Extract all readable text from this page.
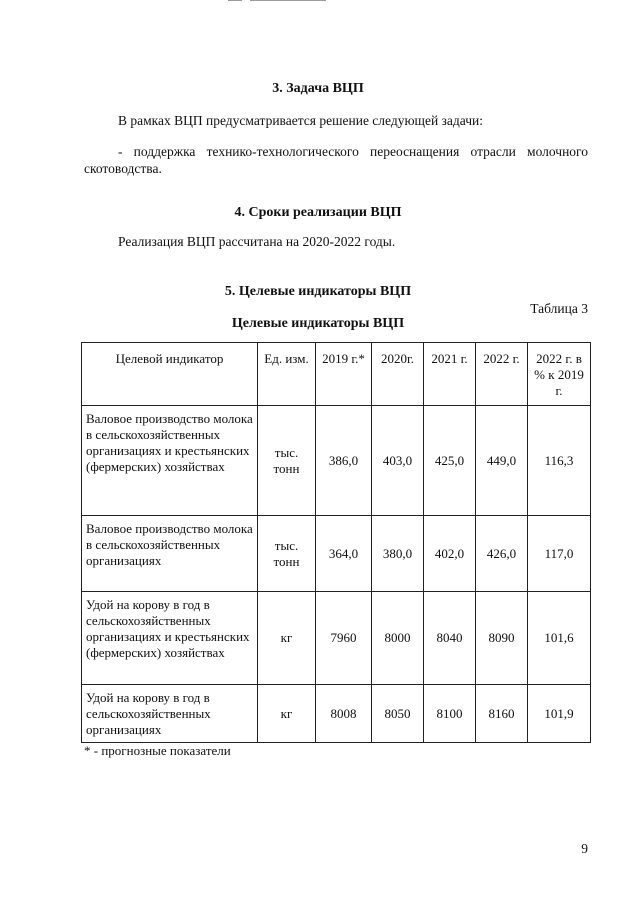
3. Задача ВЦП

В рамках ВЦП предусматривается решение следующей задачи:

- поддержка технико-технологического переоснащения отрасли молочного скотоводства.

4. Сроки реализации ВЦП

Реализация ВЦП рассчитана на 2020-2022 годы.

5. Целевые индикаторы ВЦП
Таблица 3
Целевые индикаторы ВЦП
Целевой индикатор	Ед. изм.	2019 г.*	2020г.	2021 г.	2022 г.	2022 г. в % к 2019 г.
Валовое производство молока в сельскохозяйственных организациях и крестьянских (фермерских) хозяйствах	тыс. тонн	386,0	403,0	425,0	449,0	116,3
Валовое производство молока в сельскохозяйственных организациях	тыс. тонн	364,0	380,0	402,0	426,0	117,0
Удой на корову в год в сельскохозяйственных организациях и крестьянских (фермерских) хозяйствах	кг	7960	8000	8040	8090	101,6
Удой на корову в год в сельскохозяйственных организациях	кг	8008	8050	8100	8160	101,9
* - прогнозные показатели
9
